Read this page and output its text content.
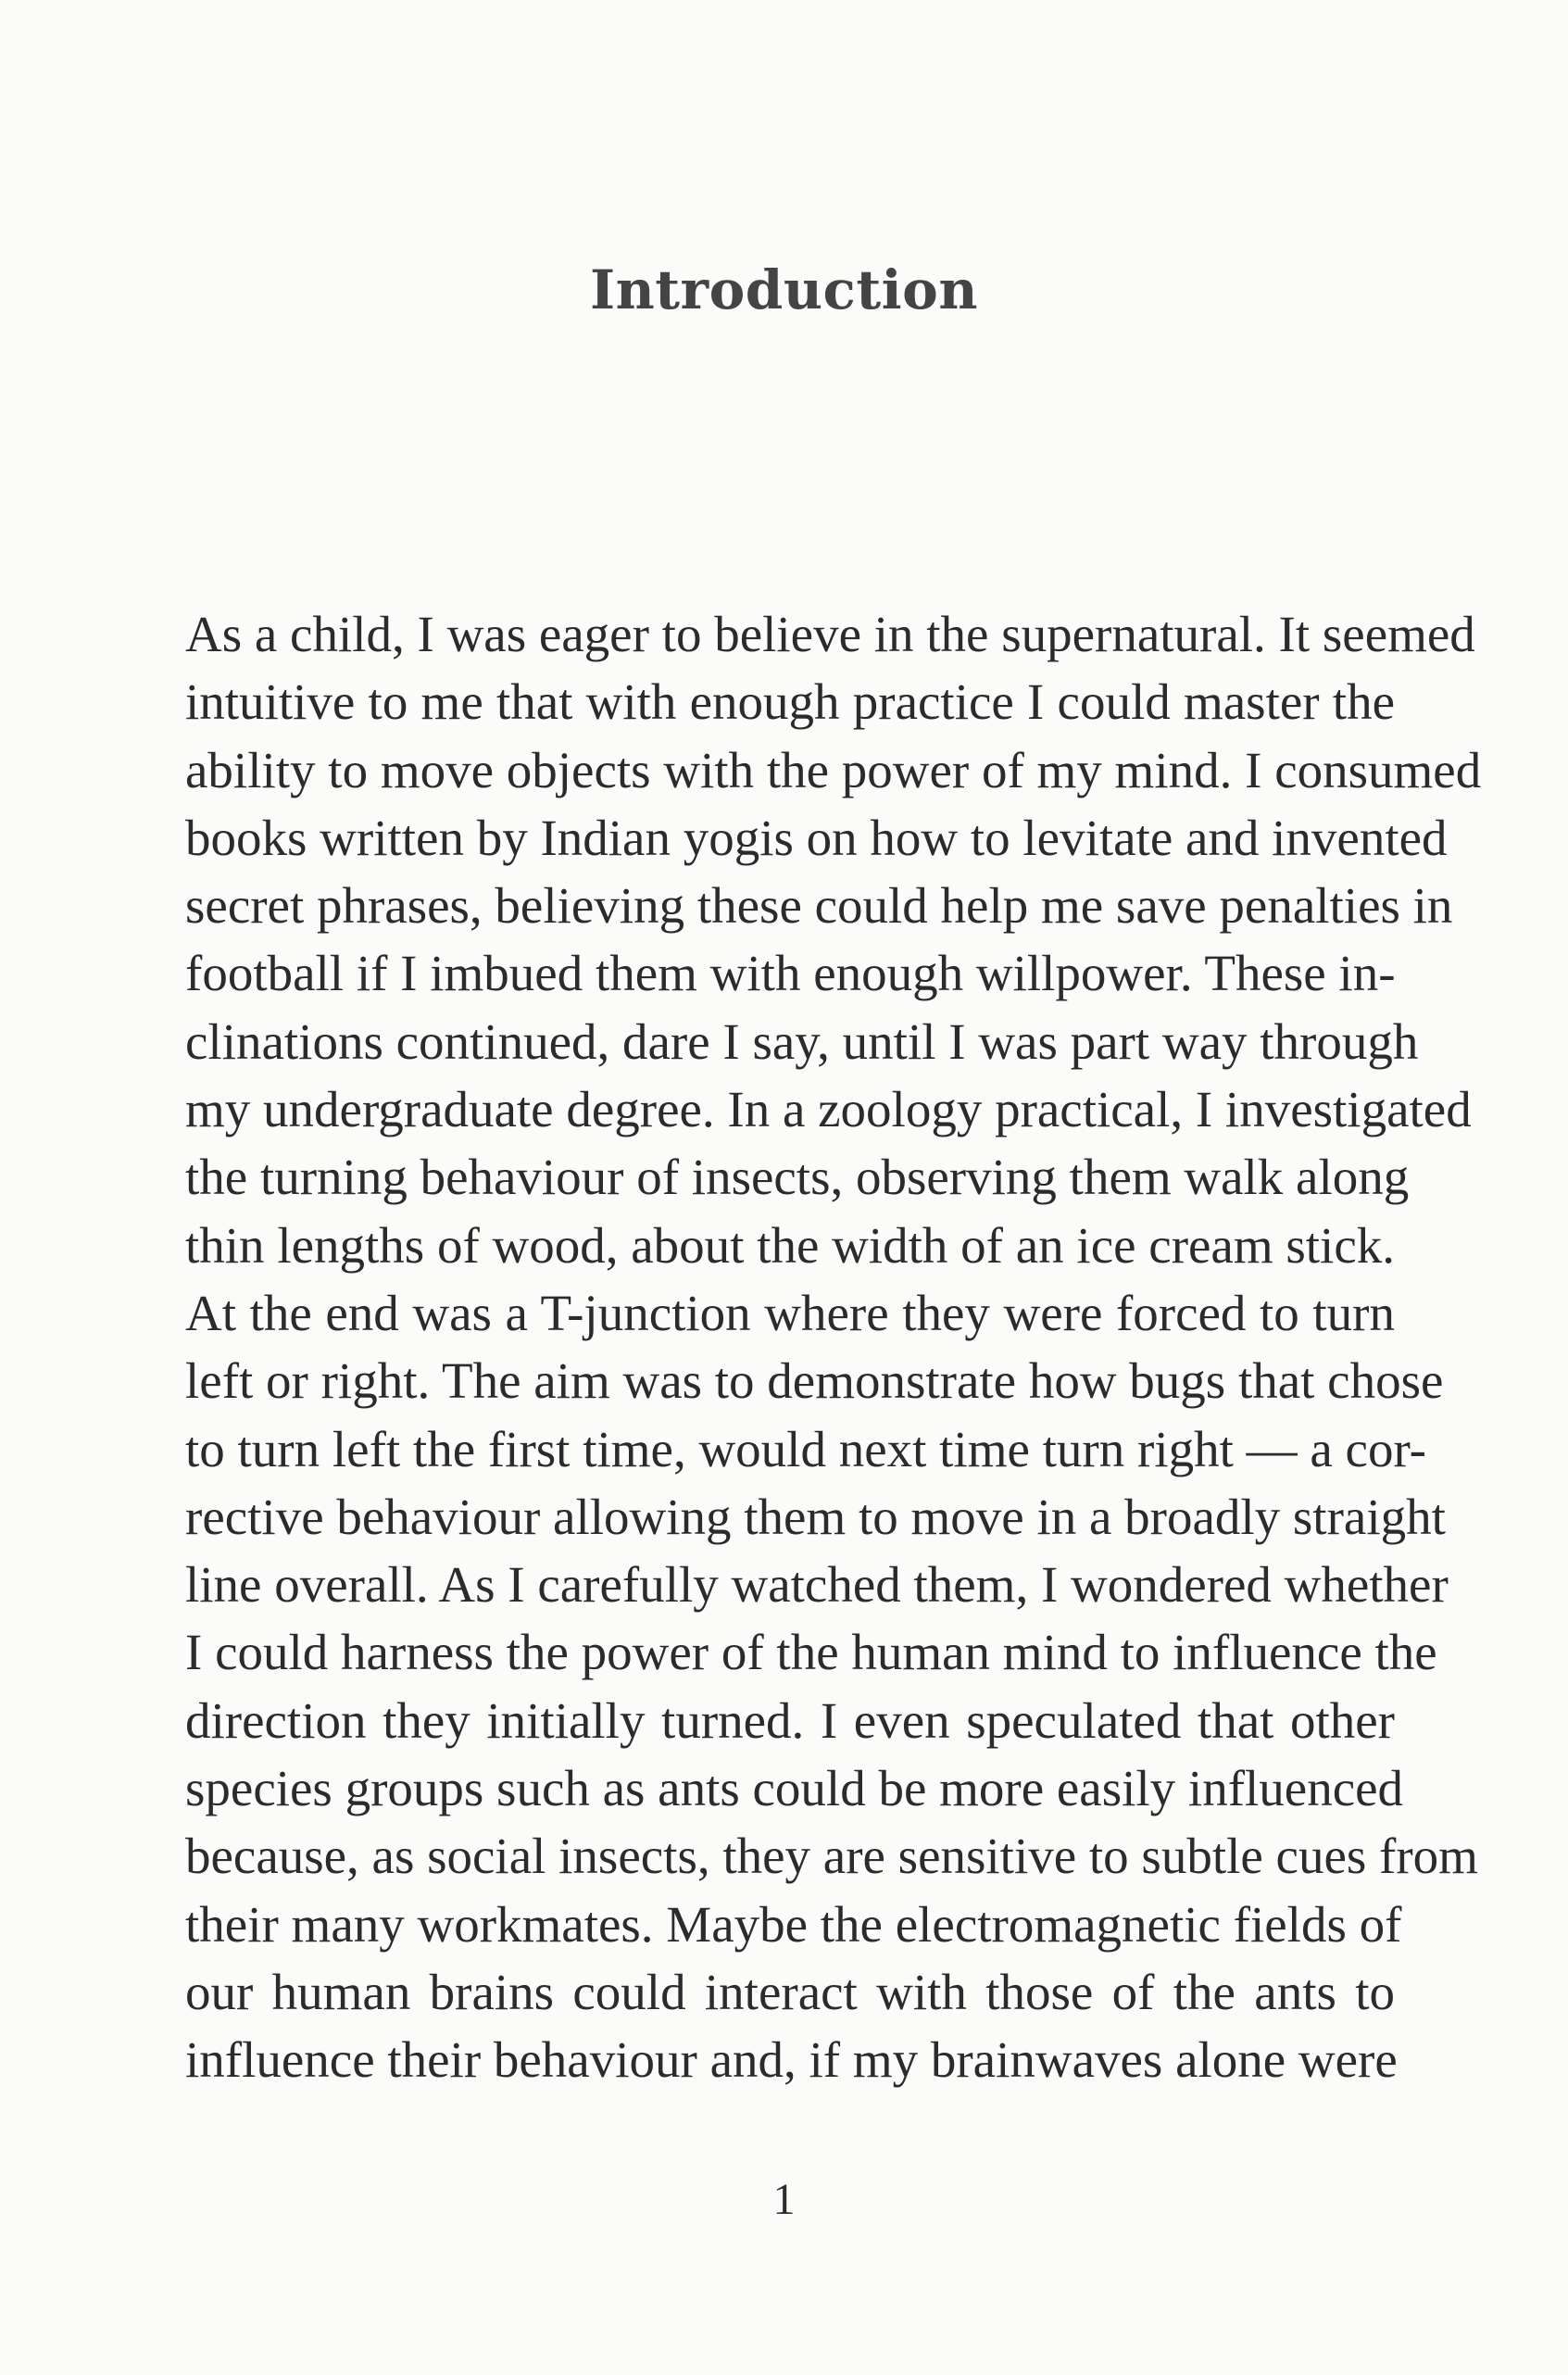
Introduction
As a child, I was eager to believe in the supernatural. It seemed
intuitive to me that with enough practice I could master the
ability to move objects with the power of my mind. I consumed
books written by Indian yogis on how to levitate and invented
secret phrases, believing these could help me save penalties in
football if I imbued them with enough willpower. These in-
clinations continued, dare I say, until I was part way through
my undergraduate degree. In a zoology practical, I investigated
the turning behaviour of insects, observing them walk along
thin lengths of wood, about the width of an ice cream stick.
At the end was a T-junction where they were forced to turn
left or right. The aim was to demonstrate how bugs that chose
to turn left the first time, would next time turn right — a cor-
rective behaviour allowing them to move in a broadly straight
line overall. As I carefully watched them, I wondered whether
I could harness the power of the human mind to influence the
direction they initially turned. I even speculated that other
species groups such as ants could be more easily influenced
because, as social insects, they are sensitive to subtle cues from
their many workmates. Maybe the electromagnetic fields of
our human brains could interact with those of the ants to
influence their behaviour and, if my brainwaves alone were
1
